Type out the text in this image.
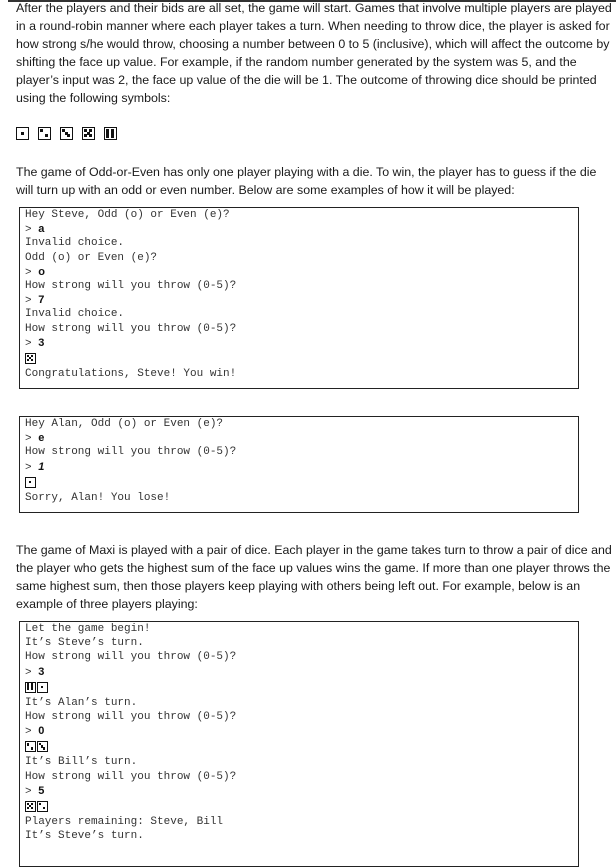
After the players and their bids are all set, the game will start. Games that involve multiple players are played in a round-robin manner where each player takes a turn. When needing to throw dice, the player is asked for how strong s/he would throw, choosing a number between 0 to 5 (inclusive), which will affect the outcome by shifting the face up value. For example, if the random number generated by the system was 5, and the player’s input was 2, the face up value of the die will be 1. The outcome of throwing dice should be printed using the following symbols:

The game of Odd-or-Even has only one player playing with a die. To win, the player has to guess if the die will turn up with an odd or even number. Below are some examples of how it will be played:

Hey Steve, Odd (o) or Even (e)?
> a
Invalid choice.
Odd (o) or Even (e)?
> o
How strong will you throw (0-5)?
> 7
Invalid choice.
How strong will you throw (0-5)?
> 3
Congratulations, Steve! You win!
Hey Alan, Odd (o) or Even (e)?
> e
How strong will you throw (0-5)?
> 1
Sorry, Alan! You lose!

The game of Maxi is played with a pair of dice. Each player in the game takes turn to throw a pair of dice and the player who gets the highest sum of the face up values wins the game. If more than one player throws the same highest sum, then those players keep playing with others being left out. For example, below is an example of three players playing:

Let the game begin!
It’s Steve’s turn.
How strong will you throw (0-5)?
> 3
It’s Alan’s turn.
How strong will you throw (0-5)?
> 0
It’s Bill’s turn.
How strong will you throw (0-5)?
> 5
Players remaining: Steve, Bill
It’s Steve’s turn.
